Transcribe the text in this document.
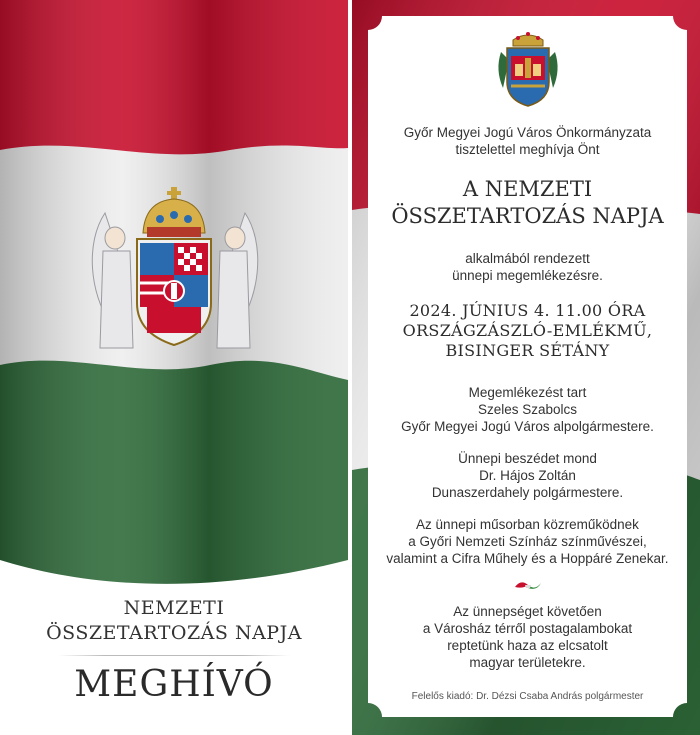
NEMZETI
ÖSSZETARTOZÁS NAPJA
MEGHÍVÓ
Győr Megyei Jogú Város Önkormányzata
tisztelettel meghívja Önt
A NEMZETI
ÖSSZETARTOZÁS NAPJA
alkalmából rendezett
ünnepi megemlékezésre.
2024. JÚNIUS 4. 11.00 ÓRA
ORSZÁGZÁSZLÓ-EMLÉKMŰ,
BISINGER SÉTÁNY
Megemlékezést tart
Szeles Szabolcs
Győr Megyei Jogú Város alpolgármestere.
Ünnepi beszédet mond
Dr. Hájos Zoltán
Dunaszerdahely polgármestere.
Az ünnepi műsorban közreműködnek
a Győri Nemzeti Színház színművészei,
valamint a Cifra Műhely és a Hoppáré Zenekar.
Az ünnepséget követően
a Városház térről postagalambokat
reptetünk haza az elcsatolt
magyar területekre.
Felelős kiadó: Dr. Dézsi Csaba András polgármester
